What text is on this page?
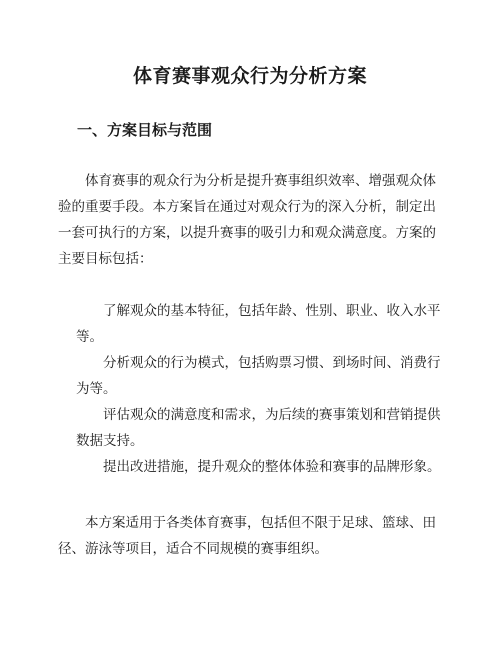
体育赛事观众行为分析方案
一、方案目标与范围

体育赛事的观众行为分析是提升赛事组织效率、增强观众体验的重要手段。本方案旨在通过对观众行为的深入分析，制定出一套可执行的方案，以提升赛事的吸引力和观众满意度。方案的主要目标包括：

了解观众的基本特征，包括年龄、性别、职业、收入水平等。

分析观众的行为模式，包括购票习惯、到场时间、消费行为等。

评估观众的满意度和需求，为后续的赛事策划和营销提供数据支持。

提出改进措施，提升观众的整体体验和赛事的品牌形象。

本方案适用于各类体育赛事，包括但不限于足球、篮球、田径、游泳等项目，适合不同规模的赛事组织。
